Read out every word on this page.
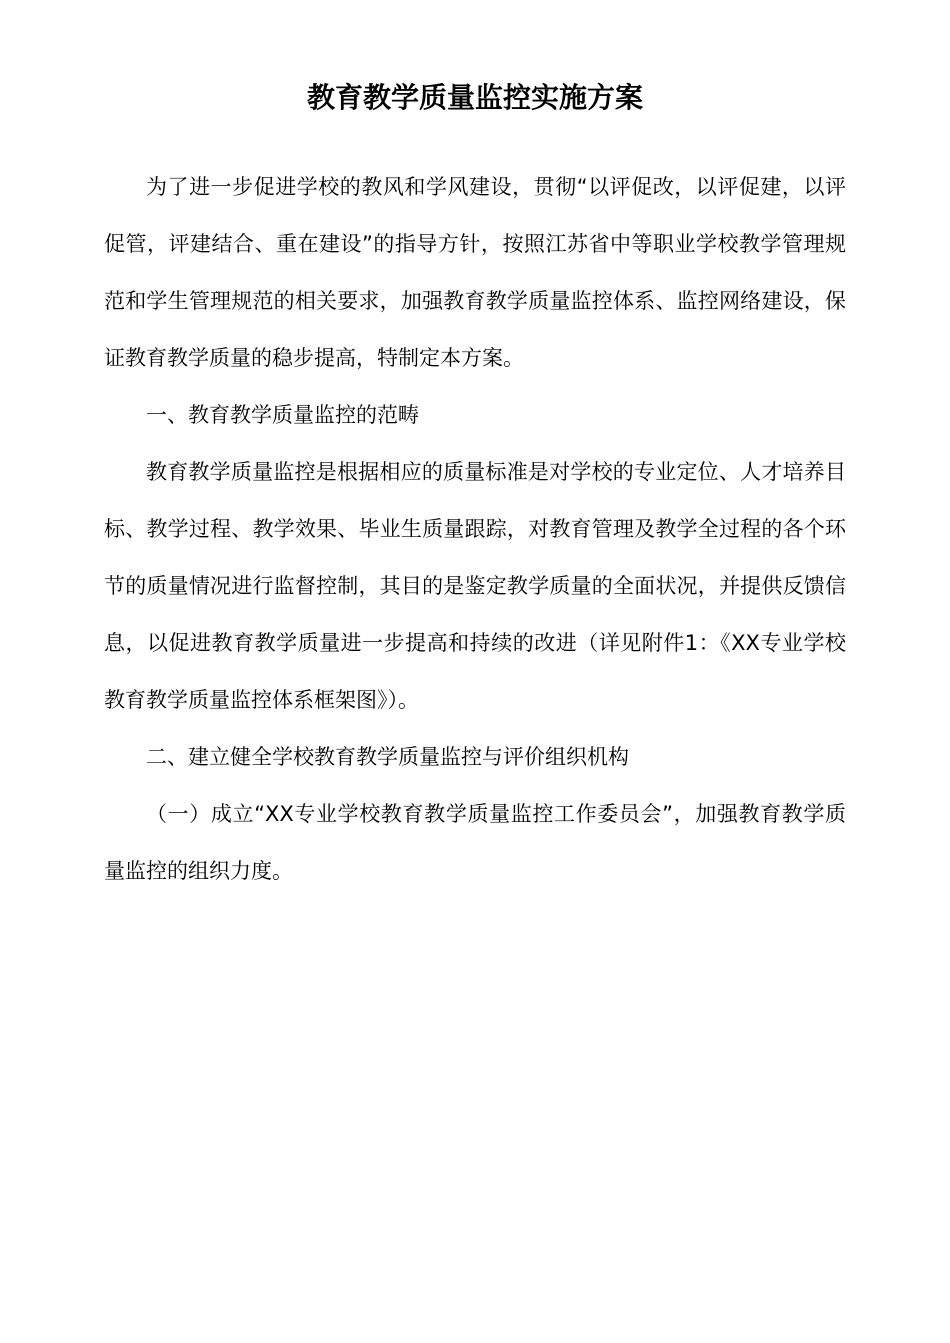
教育教学质量监控实施方案

为了进一步促进学校的教风和学风建设，贯彻“以评促改，以评促建，以评促管，评建结合、重在建设”的指导方针，按照江苏省中等职业学校教学管理规范和学生管理规范的相关要求，加强教育教学质量监控体系、监控网络建设，保证教育教学质量的稳步提高，特制定本方案。

一、教育教学质量监控的范畴

教育教学质量监控是根据相应的质量标准是对学校的专业定位、人才培养目标、教学过程、教学效果、毕业生质量跟踪，对教育管理及教学全过程的各个环节的质量情况进行监督控制，其目的是鉴定教学质量的全面状况，并提供反馈信息，以促进教育教学质量进一步提高和持续的改进（详见附件1：《XX专业学校教育教学质量监控体系框架图》）。

二、建立健全学校教育教学质量监控与评价组织机构

（一）成立“XX专业学校教育教学质量监控工作委员会”，加强教育教学质量监控的组织力度。
